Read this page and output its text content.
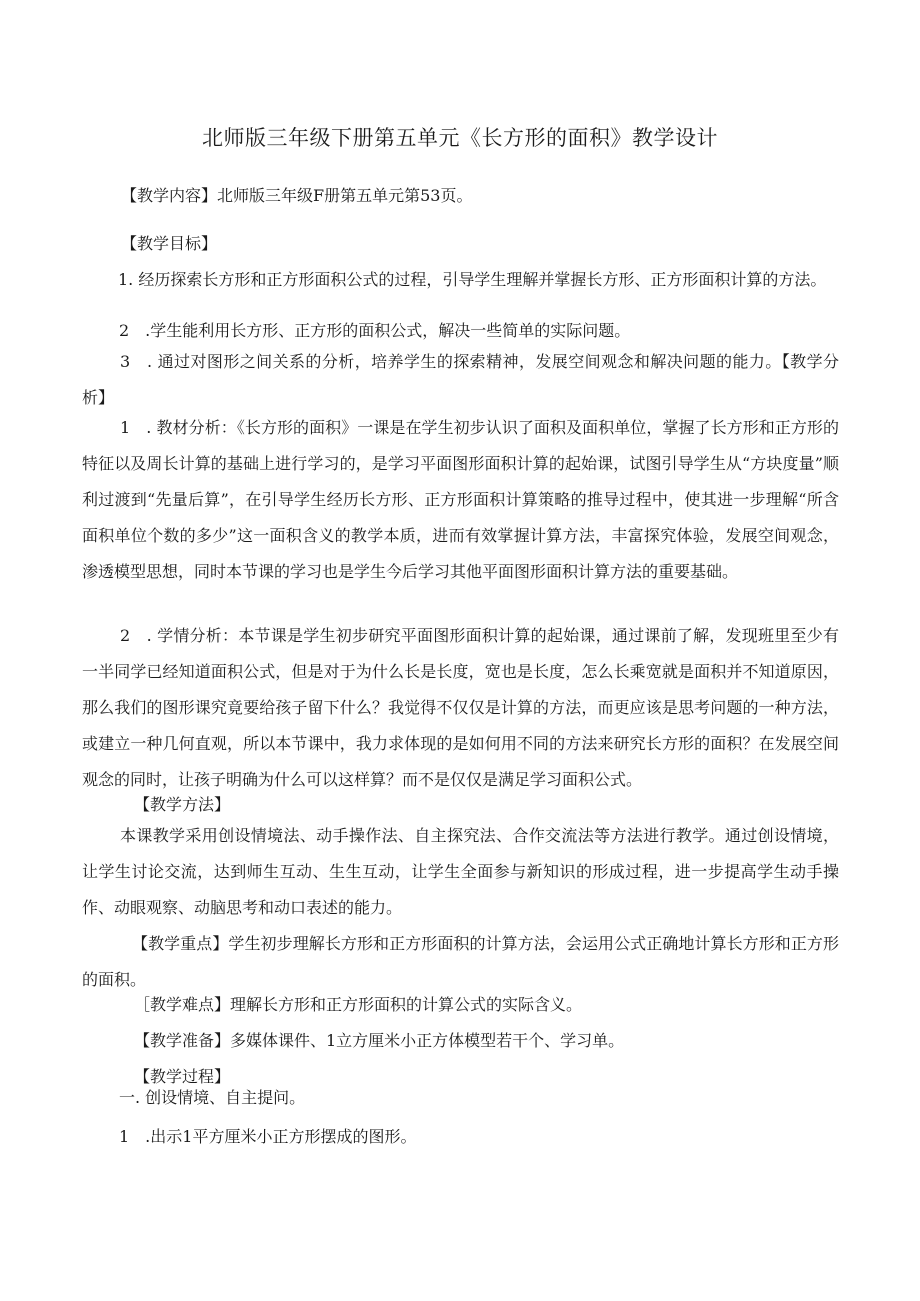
北师版三年级下册第五单元《长方形的面积》教学设计
【教学内容】北师版三年级F册第五单元第53页。
【教学目标】
1. 经历探索长方形和正方形面积公式的过程，引导学生理解并掌握长方形、正方形面积计算的方法。
2　.学生能利用长方形、正方形的面积公式，解决一些简单的实际问题。
3　. 通过对图形之间关系的分析，培养学生的探索精神，发展空间观念和解决问题的能力。【教学分析】
1　. 教材分析：《长方形的面积》一课是在学生初步认识了面积及面积单位，掌握了长方形和正方形的特征以及周长计算的基础上进行学习的，是学习平面图形面积计算的起始课，试图引导学生从“方块度量”顺利过渡到“先量后算”，在引导学生经历长方形、正方形面积计算策略的推导过程中，使其进一步理解“所含面积单位个数的多少”这一面积含义的教学本质，进而有效掌握计算方法，丰富探究体验，发展空间观念，渗透模型思想，同时本节课的学习也是学生今后学习其他平面图形面积计算方法的重要基础。
2　. 学情分析：本节课是学生初步研究平面图形面积计算的起始课，通过课前了解，发现班里至少有一半同学已经知道面积公式，但是对于为什么长是长度，宽也是长度，怎么长乘宽就是面积并不知道原因，那么我们的图形课究竟要给孩子留下什么？我觉得不仅仅是计算的方法，而更应该是思考问题的一种方法，或建立一种几何直观，所以本节课中，我力求体现的是如何用不同的方法来研究长方形的面积？在发展空间观念的同时，让孩子明确为什么可以这样算？而不是仅仅是满足学习面积公式。
【教学方法】
本课教学采用创设情境法、动手操作法、自主探究法、合作交流法等方法进行教学。通过创设情境，让学生讨论交流，达到师生互动、生生互动，让学生全面参与新知识的形成过程，进一步提高学生动手操作、动眼观察、动脑思考和动口表述的能力。
【教学重点】学生初步理解长方形和正方形面积的计算方法，会运用公式正确地计算长方形和正方形的面积。
［教学难点】理解长方形和正方形面积的计算公式的实际含义。
【教学准备】多媒体课件、1立方厘米小正方体模型若干个、学习单。
【教学过程】
一. 创设情境、自主提问。
1　.出示1平方厘米小正方形摆成的图形。
